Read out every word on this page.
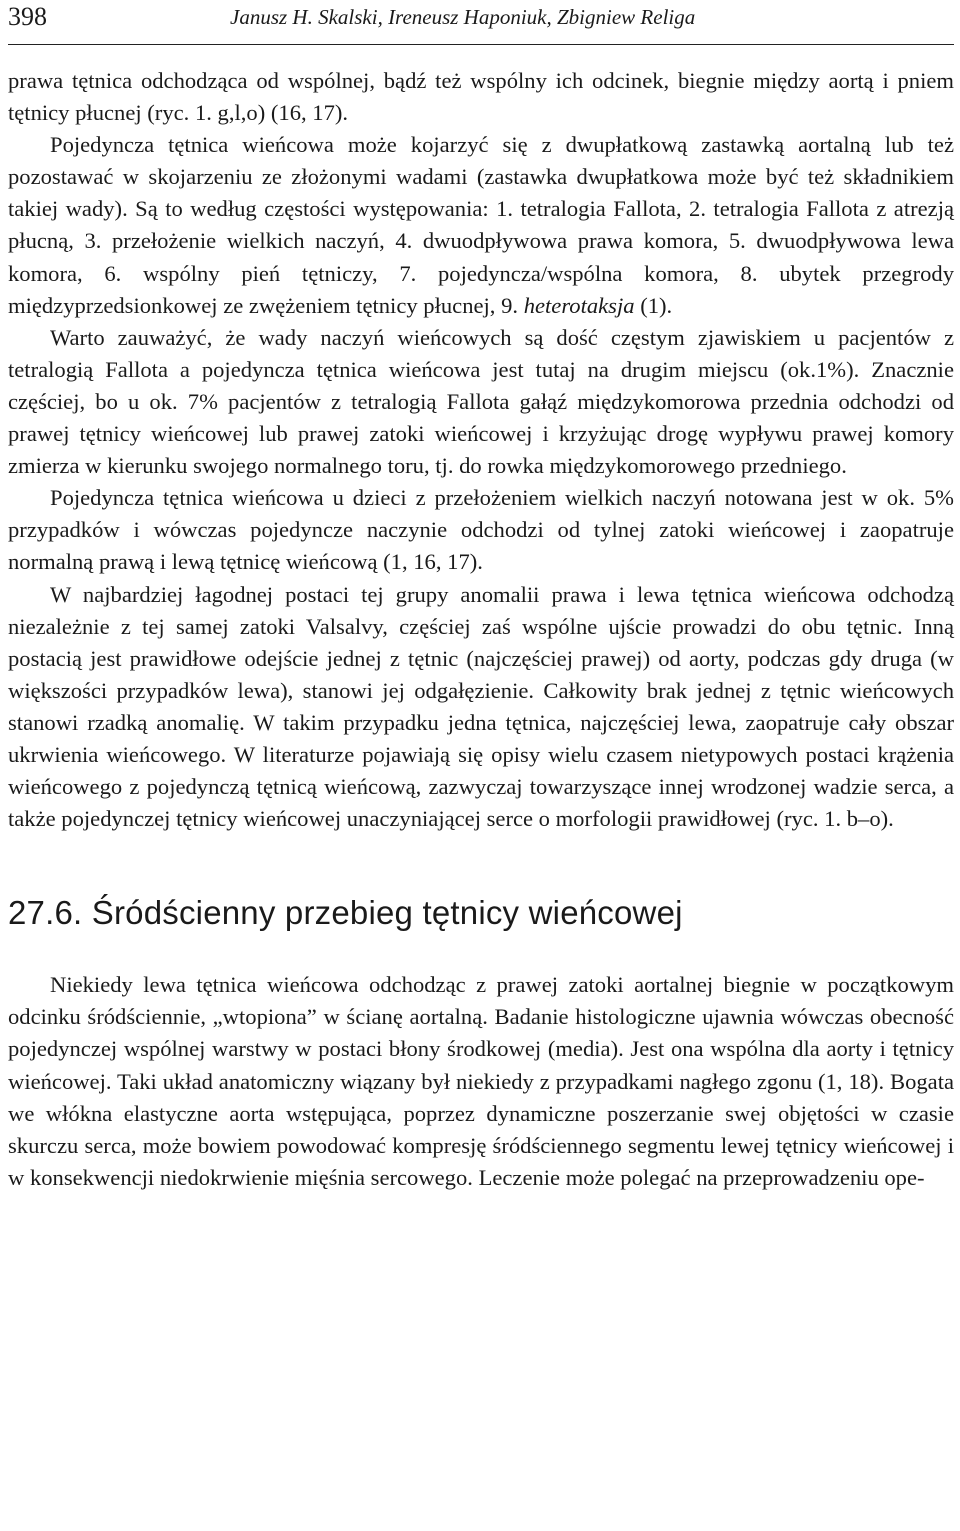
398	Janusz H. Skalski, Ireneusz Haponiuk, Zbigniew Religa

prawa tętnica odchodząca od wspólnej, bądź też wspólny ich odcinek, biegnie między aortą i pniem tętnicy płucnej (ryc. 1. g,l,o) (16, 17).

Pojedyncza tętnica wieńcowa może kojarzyć się z dwupłatkową zastawką aortalną lub też pozostawać w skojarzeniu ze złożonymi wadami (zastawka dwupłatkowa może być też składnikiem takiej wady). Są to według częstości występowania: 1. tetralogia Fallota, 2. tetralogia Fallota z atrezją płucną, 3. przełożenie wielkich naczyń, 4. dwuodpływowa prawa komora, 5. dwuodpływowa lewa komora, 6. wspólny pień tętniczy, 7. pojedyncza/wspólna komora, 8. ubytek przegrody międzyprzedsionkowej ze zwężeniem tętnicy płucnej, 9. heterotaksja (1).

Warto zauważyć, że wady naczyń wieńcowych są dość częstym zjawiskiem u pacjentów z tetralogią Fallota a pojedyncza tętnica wieńcowa jest tutaj na drugim miejscu (ok.1%). Znacznie częściej, bo u ok. 7% pacjentów z tetralogią Fallota gałąź międzykomorowa przednia odchodzi od prawej tętnicy wieńcowej lub prawej zatoki wieńcowej i krzyżując drogę wypływu prawej komory zmierza w kierunku swojego normalnego toru, tj. do rowka międzykomorowego przedniego.

Pojedyncza tętnica wieńcowa u dzieci z przełożeniem wielkich naczyń notowana jest w ok. 5% przypadków i wówczas pojedyncze naczynie odchodzi od tylnej zatoki wieńcowej i zaopatruje normalną prawą i lewą tętnicę wieńcową (1, 16, 17).

W najbardziej łagodnej postaci tej grupy anomalii prawa i lewa tętnica wieńcowa odchodzą niezależnie z tej samej zatoki Valsalvy, częściej zaś wspólne ujście prowadzi do obu tętnic. Inną postacią jest prawidłowe odejście jednej z tętnic (najczęściej prawej) od aorty, podczas gdy druga (w większości przypadków lewa), stanowi jej odgałęzienie. Całkowity brak jednej z tętnic wieńcowych stanowi rzadką anomalię. W takim przypadku jedna tętnica, najczęściej lewa, zaopatruje cały obszar ukrwienia wieńcowego. W literaturze pojawiają się opisy wielu czasem nietypowych postaci krążenia wieńcowego z pojedynczą tętnicą wieńcową, zazwyczaj towarzyszące innej wrodzonej wadzie serca, a także pojedynczej tętnicy wieńcowej unaczyniającej serce o morfologii prawidłowej (ryc. 1. b–o).

27.6. Śródścienny przebieg tętnicy wieńcowej

Niekiedy lewa tętnica wieńcowa odchodząc z prawej zatoki aortalnej biegnie w początkowym odcinku śródściennie, „wtopiona” w ścianę aortalną. Badanie histologiczne ujawnia wówczas obecność pojedynczej wspólnej warstwy w postaci błony środkowej (media). Jest ona wspólna dla aorty i tętnicy wieńcowej. Taki układ anatomiczny wiązany był niekiedy z przypadkami nagłego zgonu (1, 18). Bogata we włókna elastyczne aorta wstępująca, poprzez dynamiczne poszerzanie swej objętości w czasie skurczu serca, może bowiem powodować kompresję śródściennego segmentu lewej tętnicy wieńcowej i w konsekwencji niedokrwienie mięśnia sercowego. Leczenie może polegać na przeprowadzeniu ope-
